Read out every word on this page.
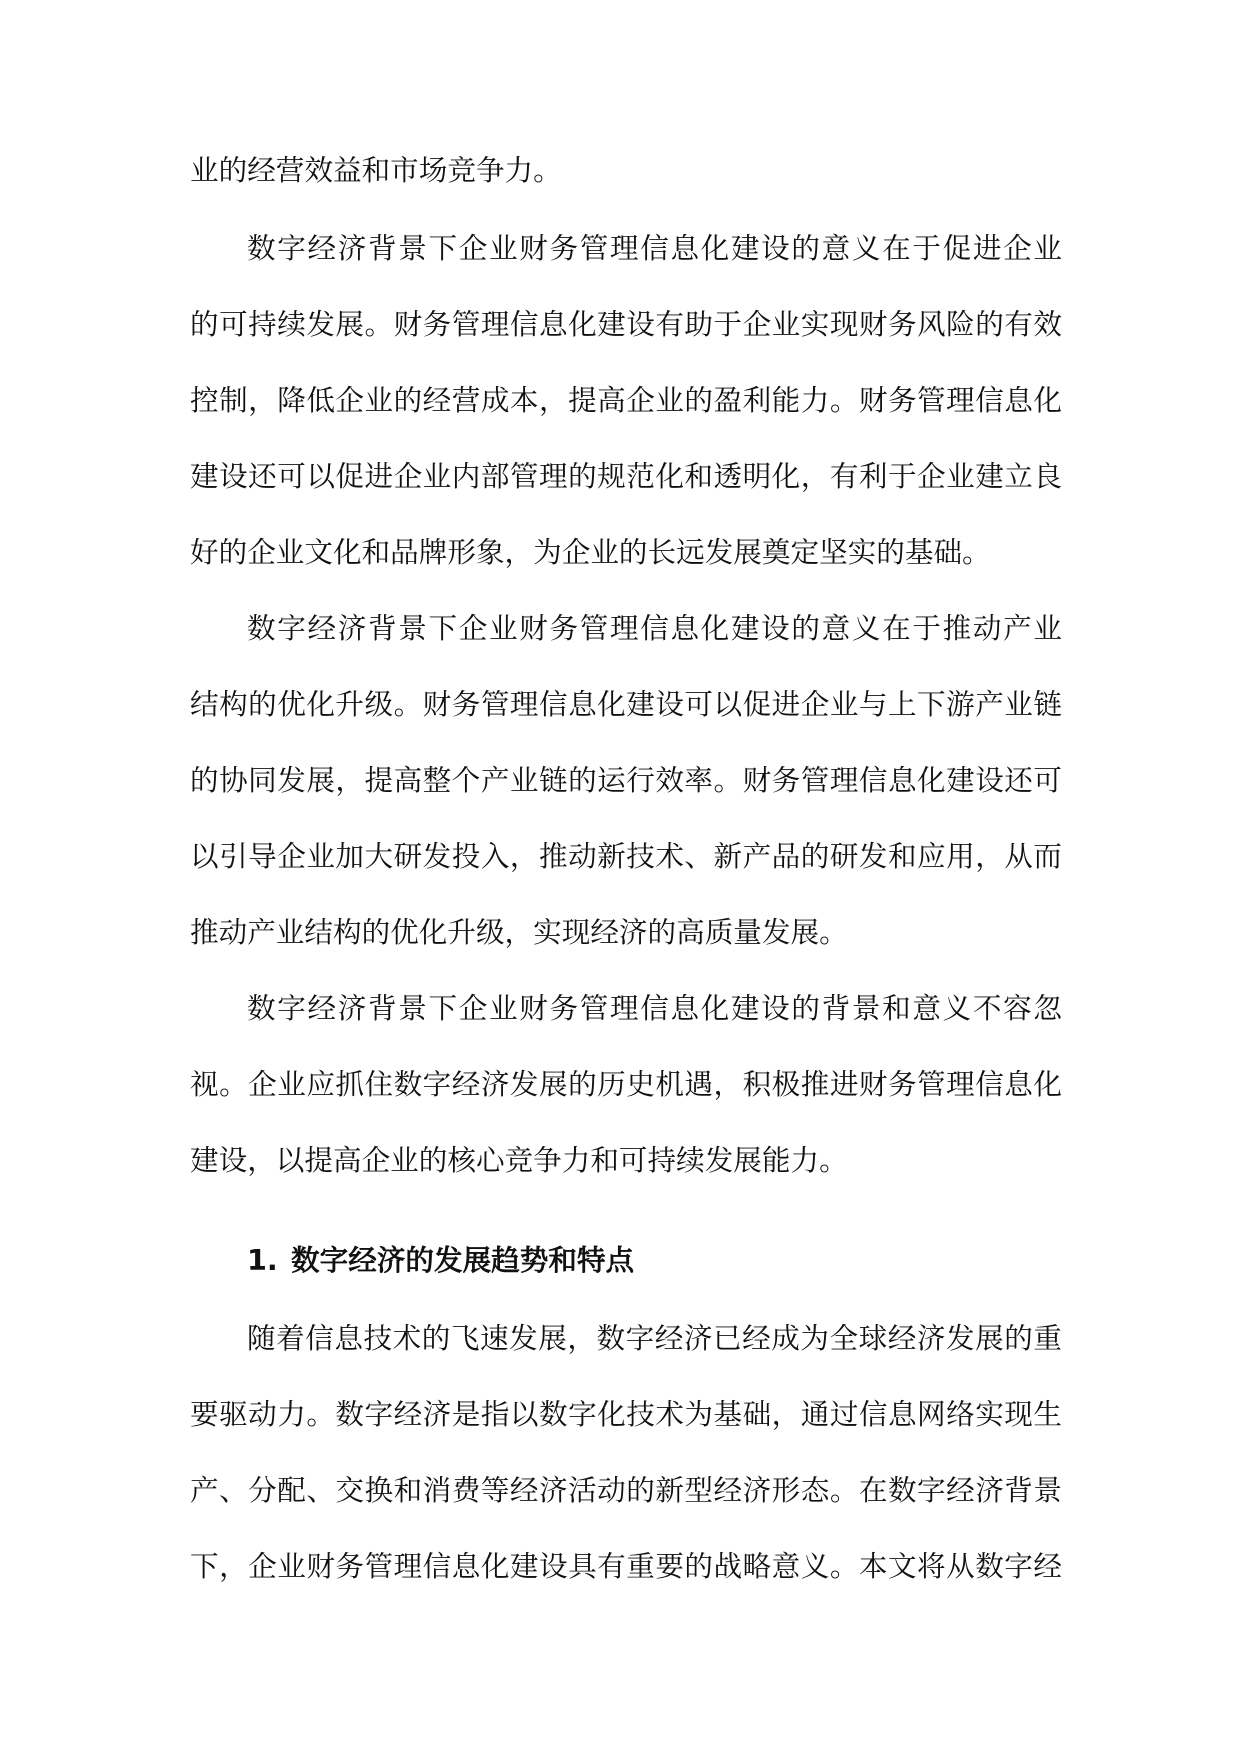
业的经营效益和市场竞争力。
数字经济背景下企业财务管理信息化建设的意义在于促进企业
的可持续发展。财务管理信息化建设有助于企业实现财务风险的有效
控制，降低企业的经营成本，提高企业的盈利能力。财务管理信息化
建设还可以促进企业内部管理的规范化和透明化，有利于企业建立良
好的企业文化和品牌形象，为企业的长远发展奠定坚实的基础。
数字经济背景下企业财务管理信息化建设的意义在于推动产业
结构的优化升级。财务管理信息化建设可以促进企业与上下游产业链
的协同发展，提高整个产业链的运行效率。财务管理信息化建设还可
以引导企业加大研发投入，推动新技术、新产品的研发和应用，从而
推动产业结构的优化升级，实现经济的高质量发展。
数字经济背景下企业财务管理信息化建设的背景和意义不容忽
视。企业应抓住数字经济发展的历史机遇，积极推进财务管理信息化
建设，以提高企业的核心竞争力和可持续发展能力。
1. 数字经济的发展趋势和特点
随着信息技术的飞速发展，数字经济已经成为全球经济发展的重
要驱动力。数字经济是指以数字化技术为基础，通过信息网络实现生
产、分配、交换和消费等经济活动的新型经济形态。在数字经济背景
下，企业财务管理信息化建设具有重要的战略意义。本文将从数字经
